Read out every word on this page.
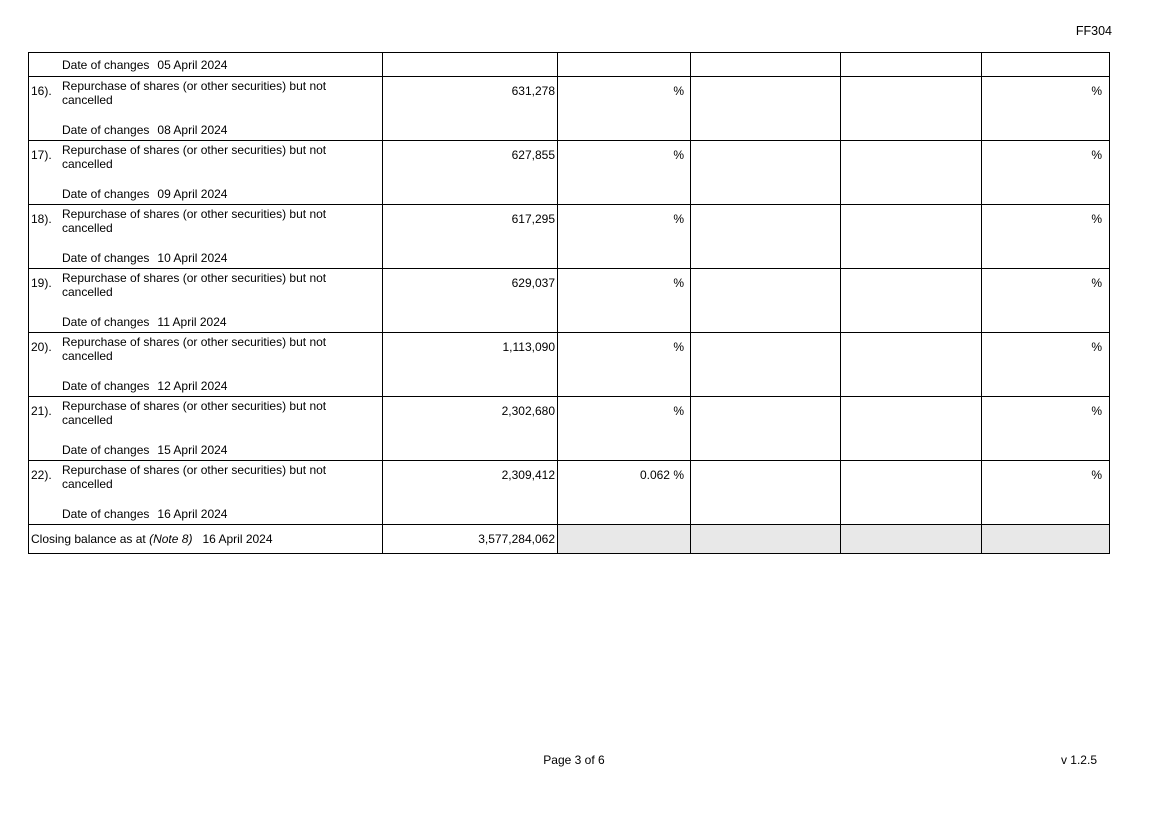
FF304
Date of changes 05 April 2024					

16). Repurchase of shares (or other securities) but not cancelled
Date of changes 08 April 2024	631,278	%			%

17). Repurchase of shares (or other securities) but not cancelled
Date of changes 09 April 2024	627,855	%			%

18). Repurchase of shares (or other securities) but not cancelled
Date of changes 10 April 2024	617,295	%			%

19). Repurchase of shares (or other securities) but not cancelled
Date of changes 11 April 2024	629,037	%			%

20). Repurchase of shares (or other securities) but not cancelled
Date of changes 12 April 2024	1,113,090	%			%

21). Repurchase of shares (or other securities) but not cancelled
Date of changes 15 April 2024	2,302,680	%			%

22). Repurchase of shares (or other securities) but not cancelled
Date of changes 16 April 2024	2,309,412	0.062 %			%

Closing balance as at (Note 8) 16 April 2024	3,577,284,062				

Page 3 of 6	v 1.2.5
